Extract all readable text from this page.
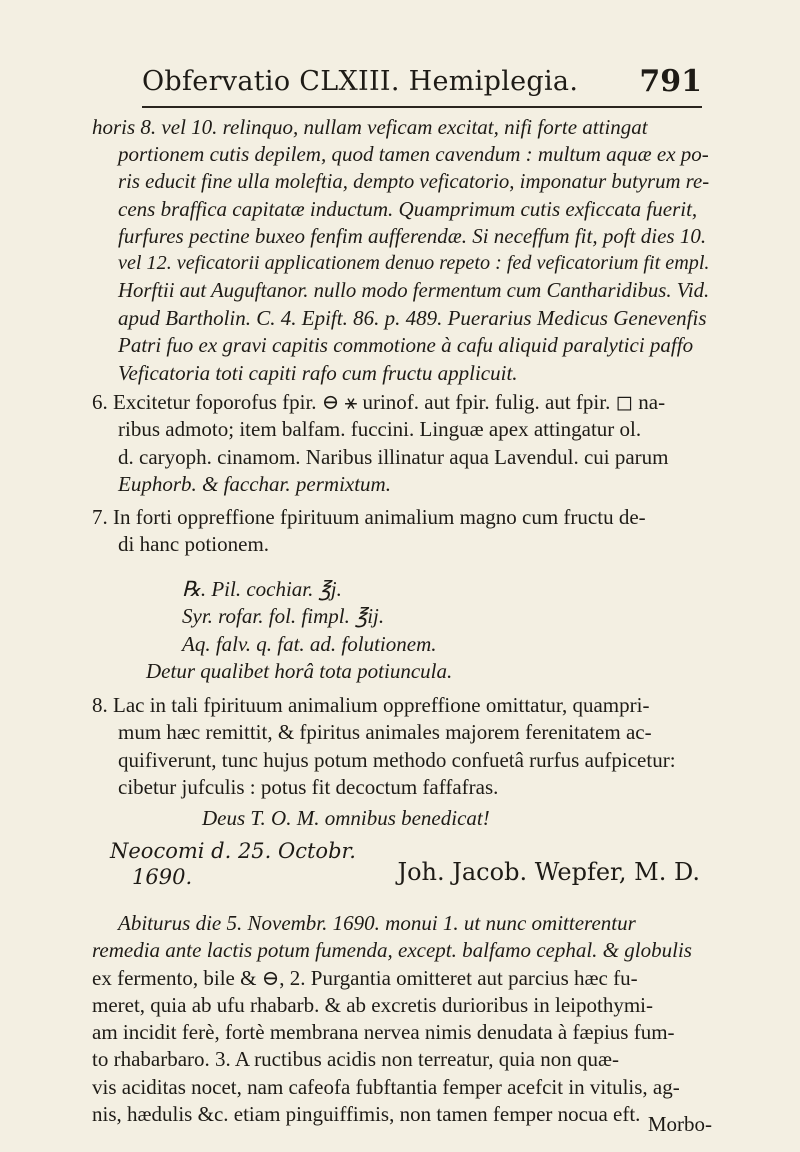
Obfervatio CLXIII. Hemiplegia. 791
horis 8. vel 10. relinquo, nullam veficam excitat, nifi forte attingat
portionem cutis depilem, quod tamen cavendum : multum aquæ ex po-
ris educit fine ulla moleftia, dempto veficatorio, imponatur butyrum re-
cens braffica capitatæ inductum. Quamprimum cutis exficcata fuerit,
furfures pectine buxeo fenfim aufferendæ. Si neceffum fit, poft dies 10.
vel 12. veficatorii applicationem denuo repeto : fed veficatorium fit empl.
Horftii aut Auguftanor. nullo modo fermentum cum Cantharidibus. Vid.
apud Bartholin. C. 4. Epift. 86. p. 489. Puerarius Medicus Genevenfis
Patri fuo ex gravi capitis commotione à cafu aliquid paralytici paffo
Veficatoria toti capiti rafo cum fructu applicuit.
6. Excitetur foporofus fpir. ⊖ ⚹ urinof. aut fpir. fulig. aut fpir. ◻ na-
ribus admoto; item balfam. fuccini. Linguæ apex attingatur ol.
d. caryoph. cinamom. Naribus illinatur aqua Lavendul. cui parum
Euphorb. & facchar. permixtum.
7. In forti oppreffione fpirituum animalium magno cum fructu de-
di hanc potionem.
℞. Pil. cochiar. ℥j.
Syr. rofar. fol. fimpl. ℥ij.
Aq. falv. q. fat. ad. folutionem.
Detur qualibet horâ tota potiuncula.
8. Lac in tali fpirituum animalium oppreffione omittatur, quampri-
mum hæc remittit, & fpiritus animales majorem ferenitatem ac-
quifiverunt, tunc hujus potum methodo confuetâ rurfus aufpicetur:
cibetur jufculis : potus fit decoctum faffafras.
Deus T. O. M. omnibus benedicat!
Neocomi d. 25. Octobr.
1690.	Joh. Jacob. Wepfer, M. D.
Abiturus die 5. Novembr. 1690. monui 1. ut nunc omitterentur
remedia ante lactis potum fumenda, except. balfamo cephal. & globulis
ex fermento, bile & ⊖, 2. Purgantia omitteret aut parcius hæc fu-
meret, quia ab ufu rhabarb. & ab excretis durioribus in leipothymi-
am incidit ferè, fortè membrana nervea nimis denudata à fæpius fum-
to rhabarbaro. 3. A ructibus acidis non terreatur, quia non quæ-
vis aciditas nocet, nam cafeofa fubftantia femper acefcit in vitulis, ag-
nis, hædulis &c. etiam pinguiffimis, non tamen femper nocua eft. Morbo-
